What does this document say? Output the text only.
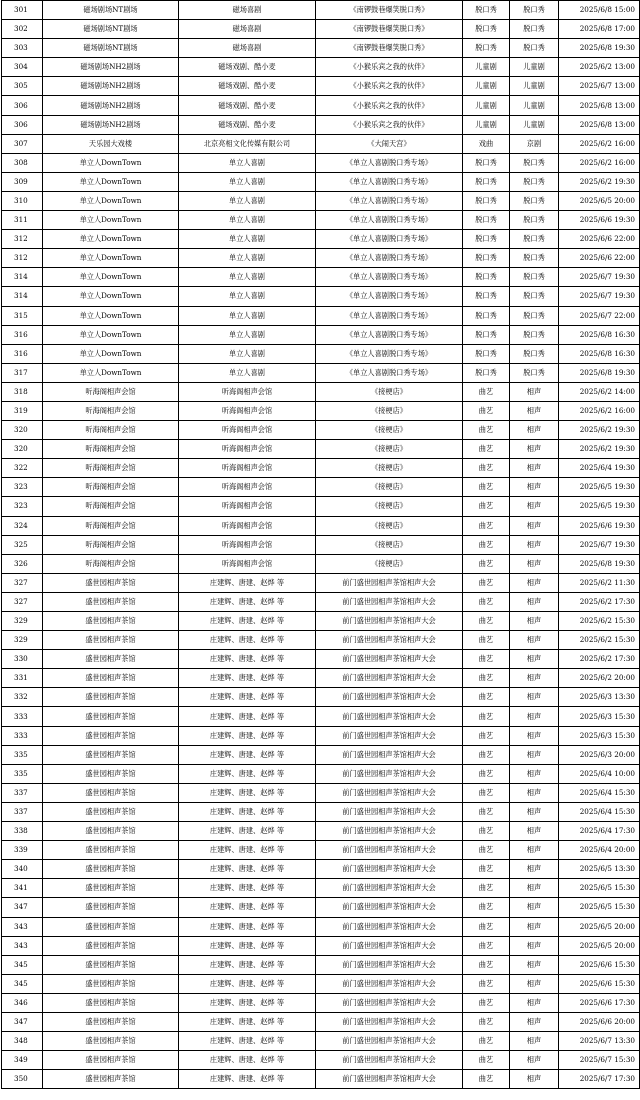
301	磁场剧场NT剧场	磁场喜剧	《南锣鼓巷爆笑脱口秀》	脱口秀	脱口秀	2025/6/8 15:00
302	磁场剧场NT剧场	磁场喜剧	《南锣鼓巷爆笑脱口秀》	脱口秀	脱口秀	2025/6/8 17:00
303	磁场剧场NT剧场	磁场喜剧	《南锣鼓巷爆笑脱口秀》	脱口秀	脱口秀	2025/6/8 19:30
304	磁场剧场NH2剧场	磁场戏剧、酷小麦	《小猴乐宾之我的伙伴》	儿童剧	儿童剧	2025/6/2 13:00
305	磁场剧场NH2剧场	磁场戏剧、酷小麦	《小猴乐宾之我的伙伴》	儿童剧	儿童剧	2025/6/7 13:00
306	磁场剧场NH2剧场	磁场戏剧、酷小麦	《小猴乐宾之我的伙伴》	儿童剧	儿童剧	2025/6/8 13:00
306	磁场剧场NH2剧场	磁场戏剧、酷小麦	《小猴乐宾之我的伙伴》	儿童剧	儿童剧	2025/6/8 13:00
307	天乐园大戏楼	北京亮相文化传媒有限公司	《大闹天宫》	戏曲	京剧	2025/6/2 16:00
308	单立人DownTown	单立人喜剧	《单立人喜剧脱口秀专场》	脱口秀	脱口秀	2025/6/2 16:00
309	单立人DownTown	单立人喜剧	《单立人喜剧脱口秀专场》	脱口秀	脱口秀	2025/6/2 19:30
310	单立人DownTown	单立人喜剧	《单立人喜剧脱口秀专场》	脱口秀	脱口秀	2025/6/5 20:00
311	单立人DownTown	单立人喜剧	《单立人喜剧脱口秀专场》	脱口秀	脱口秀	2025/6/6 19:30
312	单立人DownTown	单立人喜剧	《单立人喜剧脱口秀专场》	脱口秀	脱口秀	2025/6/6 22:00
312	单立人DownTown	单立人喜剧	《单立人喜剧脱口秀专场》	脱口秀	脱口秀	2025/6/6 22:00
314	单立人DownTown	单立人喜剧	《单立人喜剧脱口秀专场》	脱口秀	脱口秀	2025/6/7 19:30
314	单立人DownTown	单立人喜剧	《单立人喜剧脱口秀专场》	脱口秀	脱口秀	2025/6/7 19:30
315	单立人DownTown	单立人喜剧	《单立人喜剧脱口秀专场》	脱口秀	脱口秀	2025/6/7 22:00
316	单立人DownTown	单立人喜剧	《单立人喜剧脱口秀专场》	脱口秀	脱口秀	2025/6/8 16:30
316	单立人DownTown	单立人喜剧	《单立人喜剧脱口秀专场》	脱口秀	脱口秀	2025/6/8 16:30
317	单立人DownTown	单立人喜剧	《单立人喜剧脱口秀专场》	脱口秀	脱口秀	2025/6/8 19:30
318	听海阁相声会馆	听海阁相声会馆	《接梗店》	曲艺	相声	2025/6/2 14:00
319	听海阁相声会馆	听海阁相声会馆	《接梗店》	曲艺	相声	2025/6/2 16:00
320	听海阁相声会馆	听海阁相声会馆	《接梗店》	曲艺	相声	2025/6/2 19:30
320	听海阁相声会馆	听海阁相声会馆	《接梗店》	曲艺	相声	2025/6/2 19:30
322	听海阁相声会馆	听海阁相声会馆	《接梗店》	曲艺	相声	2025/6/4 19:30
323	听海阁相声会馆	听海阁相声会馆	《接梗店》	曲艺	相声	2025/6/5 19:30
323	听海阁相声会馆	听海阁相声会馆	《接梗店》	曲艺	相声	2025/6/5 19:30
324	听海阁相声会馆	听海阁相声会馆	《接梗店》	曲艺	相声	2025/6/6 19:30
325	听海阁相声会馆	听海阁相声会馆	《接梗店》	曲艺	相声	2025/6/7 19:30
326	听海阁相声会馆	听海阁相声会馆	《接梗店》	曲艺	相声	2025/6/8 19:30
327	盛世园相声茶馆	庄建辉、唐建、赵烨 等	前门盛世园相声茶馆相声大会	曲艺	相声	2025/6/2 11:30
327	盛世园相声茶馆	庄建辉、唐建、赵烨 等	前门盛世园相声茶馆相声大会	曲艺	相声	2025/6/2 17:30
329	盛世园相声茶馆	庄建辉、唐建、赵烨 等	前门盛世园相声茶馆相声大会	曲艺	相声	2025/6/2 15:30
329	盛世园相声茶馆	庄建辉、唐建、赵烨 等	前门盛世园相声茶馆相声大会	曲艺	相声	2025/6/2 15:30
330	盛世园相声茶馆	庄建辉、唐建、赵烨 等	前门盛世园相声茶馆相声大会	曲艺	相声	2025/6/2 17:30
331	盛世园相声茶馆	庄建辉、唐建、赵烨 等	前门盛世园相声茶馆相声大会	曲艺	相声	2025/6/2 20:00
332	盛世园相声茶馆	庄建辉、唐建、赵烨 等	前门盛世园相声茶馆相声大会	曲艺	相声	2025/6/3 13:30
333	盛世园相声茶馆	庄建辉、唐建、赵烨 等	前门盛世园相声茶馆相声大会	曲艺	相声	2025/6/3 15:30
333	盛世园相声茶馆	庄建辉、唐建、赵烨 等	前门盛世园相声茶馆相声大会	曲艺	相声	2025/6/3 15:30
335	盛世园相声茶馆	庄建辉、唐建、赵烨 等	前门盛世园相声茶馆相声大会	曲艺	相声	2025/6/3 20:00
335	盛世园相声茶馆	庄建辉、唐建、赵烨 等	前门盛世园相声茶馆相声大会	曲艺	相声	2025/6/4 10:00
337	盛世园相声茶馆	庄建辉、唐建、赵烨 等	前门盛世园相声茶馆相声大会	曲艺	相声	2025/6/4 15:30
337	盛世园相声茶馆	庄建辉、唐建、赵烨 等	前门盛世园相声茶馆相声大会	曲艺	相声	2025/6/4 15:30
338	盛世园相声茶馆	庄建辉、唐建、赵烨 等	前门盛世园相声茶馆相声大会	曲艺	相声	2025/6/4 17:30
339	盛世园相声茶馆	庄建辉、唐建、赵烨 等	前门盛世园相声茶馆相声大会	曲艺	相声	2025/6/4 20:00
340	盛世园相声茶馆	庄建辉、唐建、赵烨 等	前门盛世园相声茶馆相声大会	曲艺	相声	2025/6/5 13:30
341	盛世园相声茶馆	庄建辉、唐建、赵烨 等	前门盛世园相声茶馆相声大会	曲艺	相声	2025/6/5 15:30
347	盛世园相声茶馆	庄建辉、唐建、赵烨 等	前门盛世园相声茶馆相声大会	曲艺	相声	2025/6/5 15:30
343	盛世园相声茶馆	庄建辉、唐建、赵烨 等	前门盛世园相声茶馆相声大会	曲艺	相声	2025/6/5 20:00
343	盛世园相声茶馆	庄建辉、唐建、赵烨 等	前门盛世园相声茶馆相声大会	曲艺	相声	2025/6/5 20:00
345	盛世园相声茶馆	庄建辉、唐建、赵烨 等	前门盛世园相声茶馆相声大会	曲艺	相声	2025/6/6 15:30
345	盛世园相声茶馆	庄建辉、唐建、赵烨 等	前门盛世园相声茶馆相声大会	曲艺	相声	2025/6/6 15:30
346	盛世园相声茶馆	庄建辉、唐建、赵烨 等	前门盛世园相声茶馆相声大会	曲艺	相声	2025/6/6 17:30
347	盛世园相声茶馆	庄建辉、唐建、赵烨 等	前门盛世园相声茶馆相声大会	曲艺	相声	2025/6/6 20:00
348	盛世园相声茶馆	庄建辉、唐建、赵烨 等	前门盛世园相声茶馆相声大会	曲艺	相声	2025/6/7 13:30
349	盛世园相声茶馆	庄建辉、唐建、赵烨 等	前门盛世园相声茶馆相声大会	曲艺	相声	2025/6/7 15:30
350	盛世园相声茶馆	庄建辉、唐建、赵烨 等	前门盛世园相声茶馆相声大会	曲艺	相声	2025/6/7 17:30
